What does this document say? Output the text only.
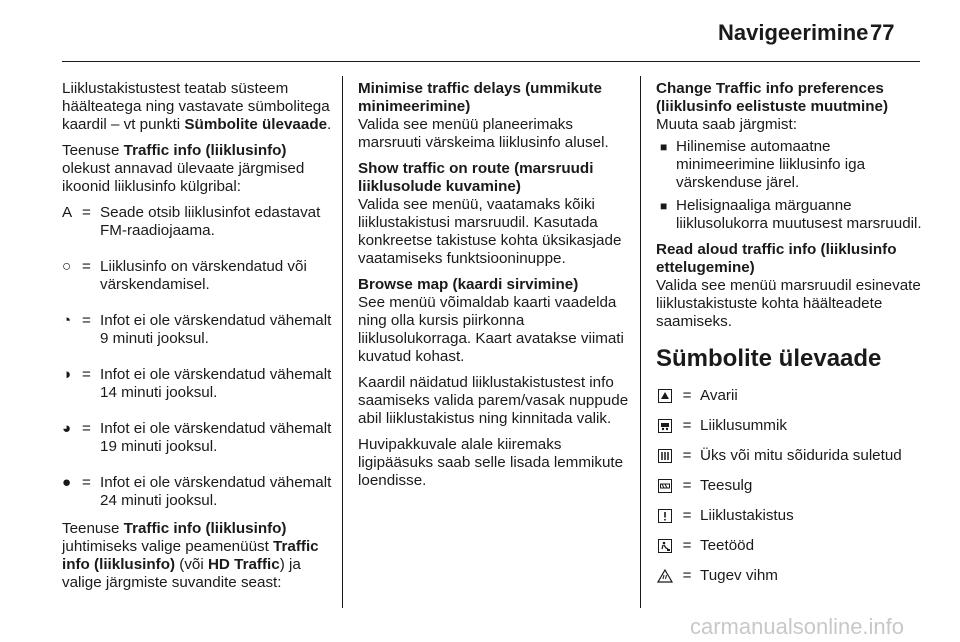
Navigeerimine 77

Liiklustakistustest teatab süsteem häälteatega ning vastavate sümbolitega kaardil – vt punkti Sümbolite ülevaade.

Teenuse Traffic info (liiklusinfo) olekust annavad ülevaate järgmised ikoonid liiklusinfo külgribal:

A = Seade otsib liiklusinfot edastavat FM-raadiojaama.
○ = Liiklusinfo on värskendatud või värskendamisel.
◔ = Infot ei ole värskendatud vähemalt 9 minuti jooksul.
◑ = Infot ei ole värskendatud vähemalt 14 minuti jooksul.
◕ = Infot ei ole värskendatud vähemalt 19 minuti jooksul.
● = Infot ei ole värskendatud vähemalt 24 minuti jooksul.

Teenuse Traffic info (liiklusinfo) juhtimiseks valige peamenüüst Traffic info (liiklusinfo) (või HD Traffic) ja valige järgmiste suvandite seast:

Minimise traffic delays (ummikute minimeerimine)
Valida see menüü planeerimaks marsruuti värskeima liiklusinfo alusel.

Show traffic on route (marsruudi liiklusolude kuvamine)
Valida see menüü, vaatamaks kõiki liiklustakistusi marsruudil. Kasutada konkreetse takistuse kohta üksikasjade vaatamiseks funktsiooninuppe.

Browse map (kaardi sirvimine)
See menüü võimaldab kaarti vaadelda ning olla kursis piirkonna liiklusolukorraga. Kaart avatakse viimati kuvatud kohast.

Kaardil näidatud liiklustakistustest info saamiseks valida parem/vasak nuppude abil liiklustakistus ning kinnitada valik.

Huvipakkuvale alale kiiremaks ligipääsuks saab selle lisada lemmikute loendisse.

Change Traffic info preferences (liiklusinfo eelistuste muutmine)
Muuta saab järgmist:

■ Hilinemise automaatne minimeerimine liiklusinfo iga värskenduse järel.
■ Helisignaaliga märguanne liiklusolukorra muutusest marsruudil.

Read aloud traffic info (liiklusinfo ettelugemine)
Valida see menüü marsruudil esinevate liiklustakistuste kohta häälteadete saamiseks.

Sümbolite ülevaade
= Avarii
= Liiklusummik
= Üks või mitu sõidurida suletud
= Teesulg
= Liiklustakistus
= Teetööd
= Tugev vihm
carmanualsonline.info
